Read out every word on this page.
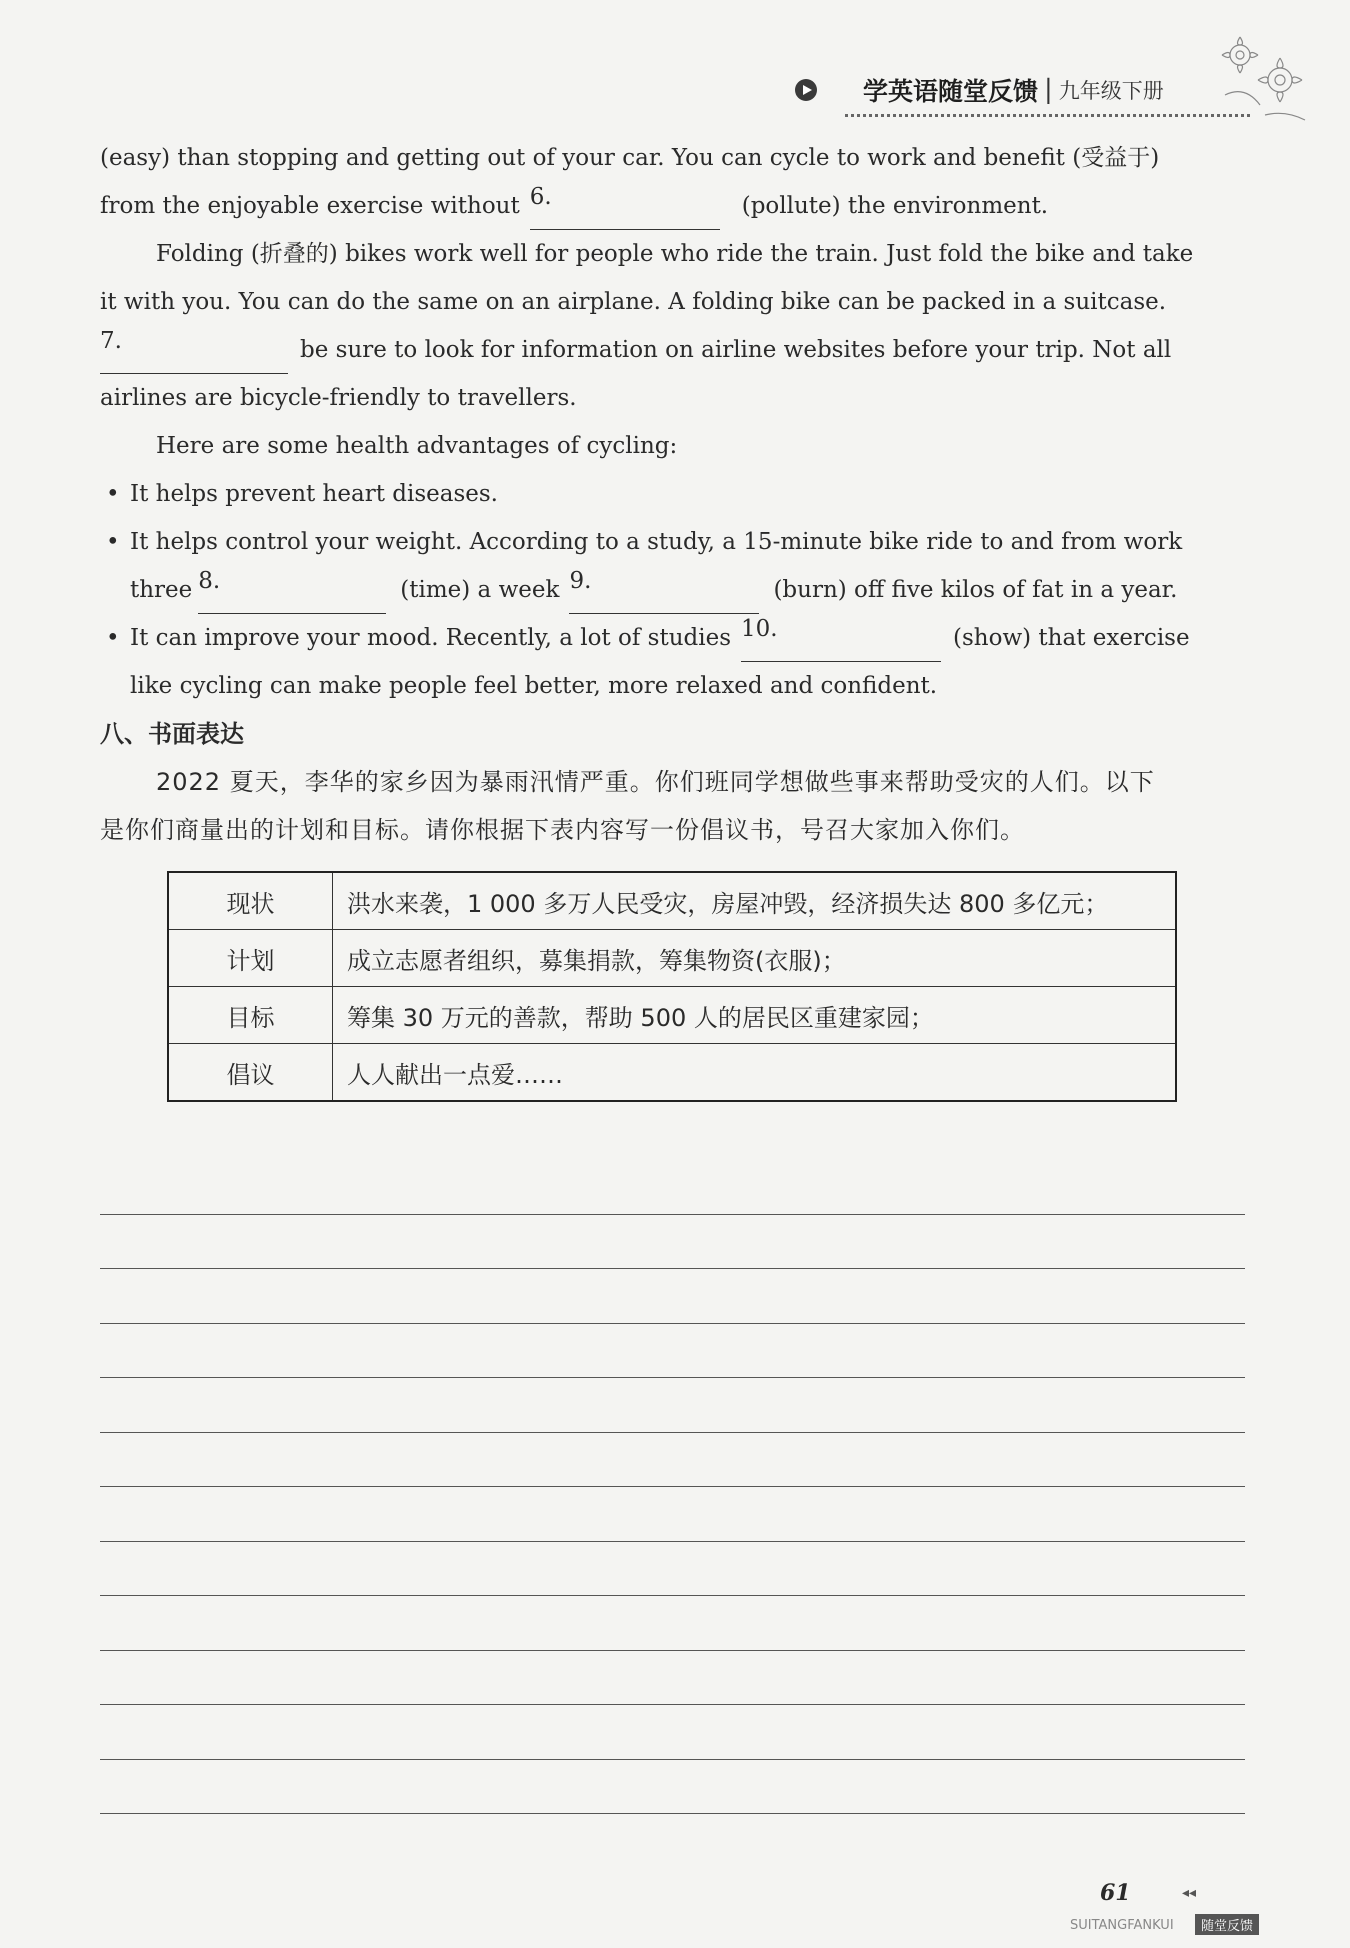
学英语随堂反馈 | 九年级下册
(easy) than stopping and getting out of your car. You can cycle to work and benefit (受益于)
from the enjoyable exercise without 6.	(pollute) the environment.
Folding (折叠的) bikes work well for people who ride the train. Just fold the bike and take
it with you. You can do the same on an airplane. A folding bike can be packed in a suitcase.
7.	be sure to look for information on airline websites before your trip. Not all
airlines are bicycle-friendly to travellers.
Here are some health advantages of cycling:
• It helps prevent heart diseases.
• It helps control your weight. According to a study, a 15-minute bike ride to and from work
three 8.	(time) a week 9.	(burn) off five kilos of fat in a year.
• It can improve your mood. Recently, a lot of studies 10.	(show) that exercise
like cycling can make people feel better, more relaxed and confident.
八、书面表达
2022 夏天，李华的家乡因为暴雨汛情严重。你们班同学想做些事来帮助受灾的人们。以下
是你们商量出的计划和目标。请你根据下表内容写一份倡议书，号召大家加入你们。
现状	洪水来袭，1 000 多万人民受灾，房屋冲毁，经济损失达 800 多亿元；
计划	成立志愿者组织，募集捐款，筹集物资(衣服)；
目标	筹集 30 万元的善款，帮助 500 人的居民区重建家园；
倡议	人人献出一点爱……
61	◂◂
SUITANGFANKUI	随堂反馈
